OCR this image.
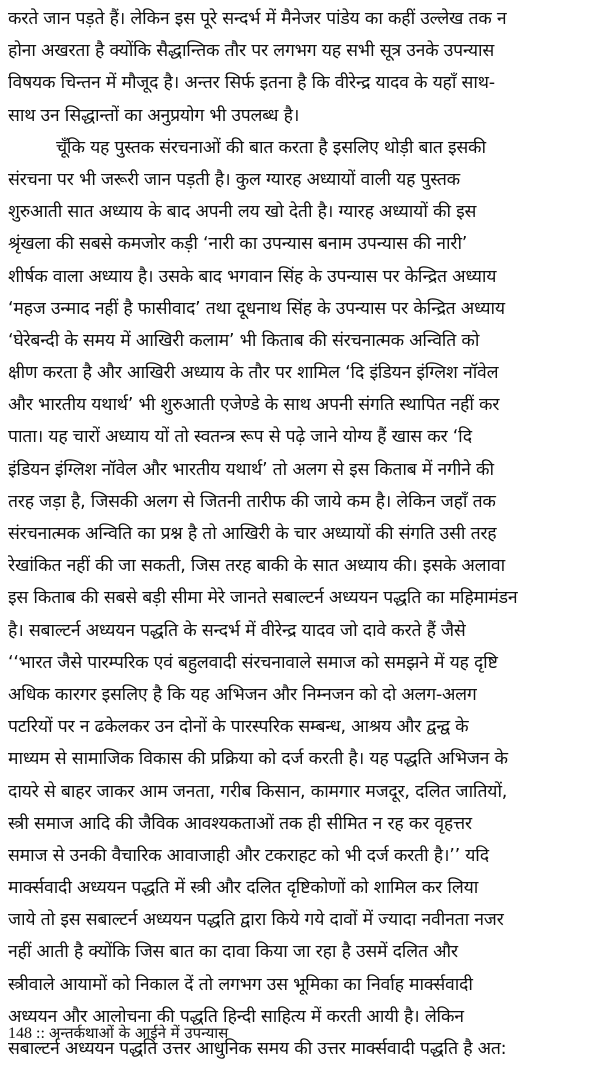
करते जान पड़ते हैं। लेकिन इस पूरे सन्दर्भ में मैनेजर पांडेय का कहीं उल्लेख तक न
होना अखरता है क्योंकि सैद्धान्तिक तौर पर लगभग यह सभी सूत्र उनके उपन्यास
विषयक चिन्तन में मौजूद है। अन्तर सिर्फ इतना है कि वीरेन्द्र यादव के यहाँ साथ-
साथ उन सिद्धान्तों का अनुप्रयोग भी उपलब्ध है।
चूँकि यह पुस्तक संरचनाओं की बात करता है इसलिए थोड़ी बात इसकी
संरचना पर भी जरूरी जान पड़ती है। कुल ग्यारह अध्यायों वाली यह पुस्तक
शुरुआती सात अध्याय के बाद अपनी लय खो देती है। ग्यारह अध्यायों की इस
श्रृंखला की सबसे कमजोर कड़ी ‘नारी का उपन्यास बनाम उपन्यास की नारी’
शीर्षक वाला अध्याय है। उसके बाद भगवान सिंह के उपन्यास पर केन्द्रित अध्याय
‘महज उन्माद नहीं है फासीवाद’ तथा दूधनाथ सिंह के उपन्यास पर केन्द्रित अध्याय
‘घेरेबन्दी के समय में आखिरी कलाम’ भी किताब की संरचनात्मक अन्विति को
क्षीण करता है और आखिरी अध्याय के तौर पर शामिल ‘दि इंडियन इंग्लिश नॉवेल
और भारतीय यथार्थ’ भी शुरुआती एजेण्डे के साथ अपनी संगति स्थापित नहीं कर
पाता। यह चारों अध्याय यों तो स्वतन्त्र रूप से पढ़े जाने योग्य हैं खास कर ‘दि
इंडियन इंग्लिश नॉवेल और भारतीय यथार्थ’ तो अलग से इस किताब में नगीने की
तरह जड़ा है, जिसकी अलग से जितनी तारीफ की जाये कम है। लेकिन जहाँ तक
संरचनात्मक अन्विति का प्रश्न है तो आखिरी के चार अध्यायों की संगति उसी तरह
रेखांकित नहीं की जा सकती, जिस तरह बाकी के सात अध्याय की। इसके अलावा
इस किताब की सबसे बड़ी सीमा मेरे जानते सबाल्टर्न अध्ययन पद्धति का महिमामंडन
है। सबाल्टर्न अध्ययन पद्धति के सन्दर्भ में वीरेन्द्र यादव जो दावे करते हैं जैसे
‘‘भारत जैसे पारम्परिक एवं बहुलवादी संरचनावाले समाज को समझने में यह दृष्टि
अधिक कारगर इसलिए है कि यह अभिजन और निम्नजन को दो अलग-अलग
पटरियों पर न ढकेलकर उन दोनों के पारस्परिक सम्बन्ध, आश्रय और द्वन्द्व के
माध्यम से सामाजिक विकास की प्रक्रिया को दर्ज करती है। यह पद्धति अभिजन के
दायरे से बाहर जाकर आम जनता, गरीब किसान, कामगार मजदूर, दलित जातियों,
स्त्री समाज आदि की जैविक आवश्यकताओं तक ही सीमित न रह कर वृहत्तर
समाज से उनकी वैचारिक आवाजाही और टकराहट को भी दर्ज करती है।’’ यदि
मार्क्सवादी अध्ययन पद्धति में स्त्री और दलित दृष्टिकोणों को शामिल कर लिया
जाये तो इस सबाल्टर्न अध्ययन पद्धति द्वारा किये गये दावों में ज्यादा नवीनता नजर
नहीं आती है क्योंकि जिस बात का दावा किया जा रहा है उसमें दलित और
स्त्रीवाले आयामों को निकाल दें तो लगभग उस भूमिका का निर्वाह मार्क्सवादी
अध्ययन और आलोचना की पद्धति हिन्दी साहित्य में करती आयी है। लेकिन
सबाल्टर्न अध्ययन पद्धति उत्तर आधुनिक समय की उत्तर मार्क्सवादी पद्धति है अत:
148 :: अन्तर्कथाओं के आईने में उपन्यास
